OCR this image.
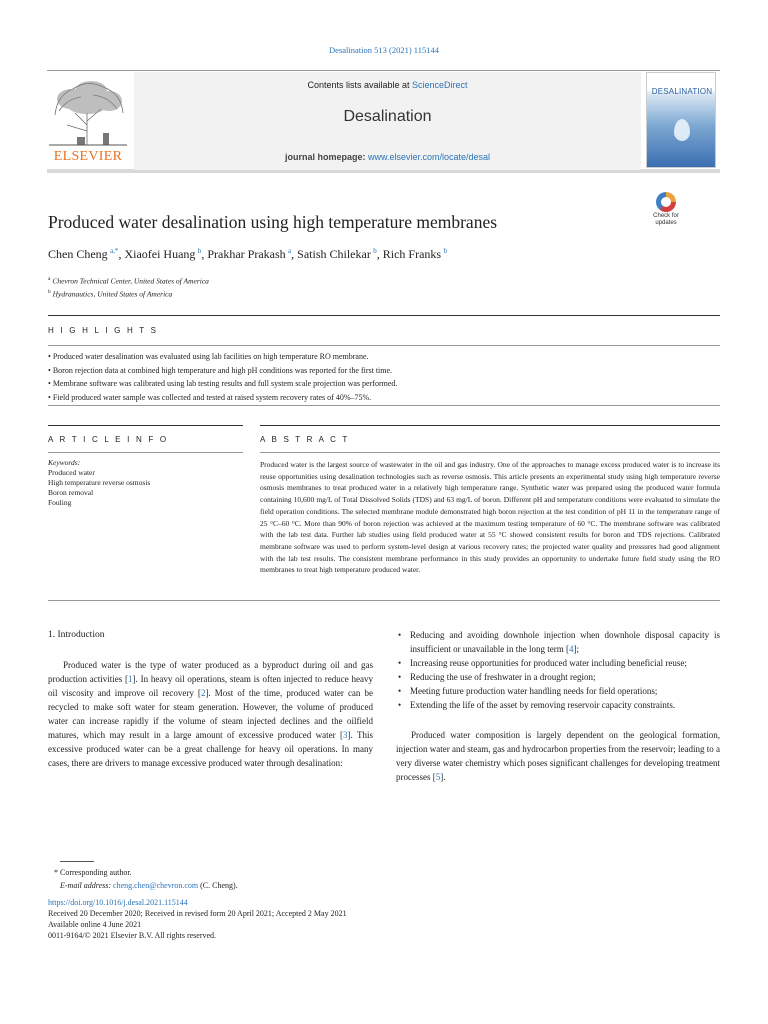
Desalination 513 (2021) 115144
ELSEVIER
Contents lists available at ScienceDirect
Desalination
journal homepage: www.elsevier.com/locate/desal
DESALINATION
Produced water desalination using high temperature membranes	Check for updates
Chen Cheng  $^{a,*}$, Xiaofei Huang  $^b$, Prakhar Prakash  $^a$, Satish Chilekar  $^b$, Rich Franks  $^b$
$^a$ Chevron Technical Center, United States of America
$^b$ Hydranautics, United States of America
H I G H L I G H T S
• Produced water desalination was evaluated using lab facilities on high temperature RO membrane.
• Boron rejection data at combined high temperature and high pH conditions was reported for the first time.
• Membrane software was calibrated using lab testing results and full system scale projection was performed.
• Field produced water sample was collected and tested at raised system recovery rates of 40%–75%.
A R T I C L E I N F O
Keywords:
Produced water
High temperature reverse osmosis
Boron removal
Fouling
A B S T R A C T
Produced water is the largest source of wastewater in the oil and gas industry. One of the approaches to manage excess produced water is to increase its reuse opportunities using desalination technologies such as reverse osmosis. This article presents an experimental study using high temperature reverse osmosis membranes to treat produced water in a relatively high temperature range. Synthetic water was prepared using the produced water formula containing 10,600 mg/L of Total Dissolved Solids (TDS) and 63 mg/L of boron. Different pH and temperature conditions were evaluated to simulate the field operation conditions. The selected membrane module demonstrated high boron rejection at the test condition of pH 11 in the temperature range of 25 °C–60 °C. More than 90% of boron rejection was achieved at the maximum testing temperature of 60 °C. The membrane software was calibrated with the lab test data. Further lab studies using field produced water at 55 °C showed consistent results for boron and TDS rejections. Calibrated membrane software was used to perform system-level design at various recovery rates; the projected water quality and pressures had good alignment with the lab test results. The consistent membrane performance in this study provides an opportunity to undertake future field study using the RO membranes to treat high temperature produced water.
1. Introduction

Produced water is the type of water produced as a byproduct during oil and gas production activities [1]. In heavy oil operations, steam is often injected to reduce heavy oil viscosity and improve oil recovery [2]. Most of the time, produced water can be recycled to make soft water for steam generation. However, the volume of produced water can increase rapidly if the volume of steam injected declines and the oilfield matures, which may result in a large amount of excessive produced water [3]. This excessive produced water can be a great challenge for heavy oil operations. In many cases, there are drivers to manage excessive produced water through desalination:

• Reducing and avoiding downhole injection when downhole disposal capacity is insufficient or unavailable in the long term [4];
• Increasing reuse opportunities for produced water including beneficial reuse;
• Reducing the use of freshwater in a drought region;
• Meeting future production water handling needs for field operations;
• Extending the life of the asset by removing reservoir capacity constraints.

Produced water composition is largely dependent on the geological formation, injection water and steam, gas and hydrocarbon properties from the reservoir; leading to a very diverse water chemistry which poses significant challenges for developing treatment processes [5].

* Corresponding author.
E-mail address: cheng.chen@chevron.com (C. Cheng).
https://doi.org/10.1016/j.desal.2021.115144
Received 20 December 2020; Received in revised form 20 April 2021; Accepted 2 May 2021
Available online 4 June 2021
0011-9164/© 2021 Elsevier B.V. All rights reserved.
